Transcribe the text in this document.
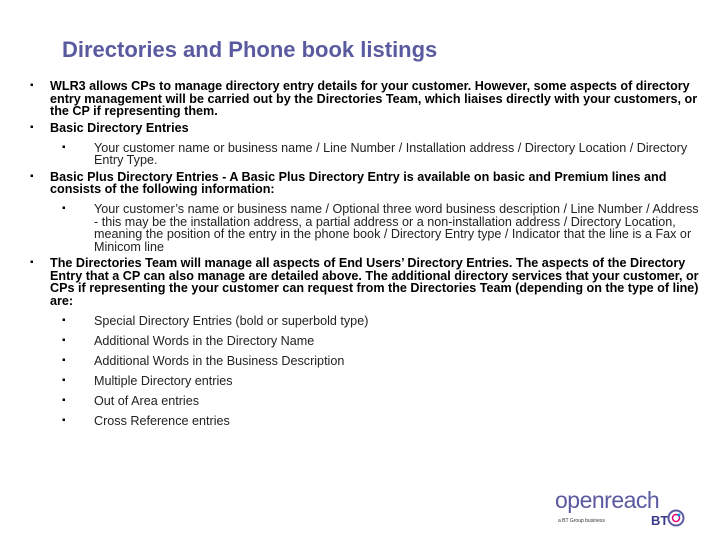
Directories and Phone book listings
▪ WLR3 allows CPs to manage directory entry details for your customer. However, some aspects of directory entry management will be carried out by the Directories Team, which liaises directly with your customers, or the CP if representing them.
▪ Basic Directory Entries
▪ Your customer name or business name / Line Number / Installation address / Directory Location / Directory Entry Type.
▪ Basic Plus Directory Entries - A Basic Plus Directory Entry is available on basic and Premium lines and consists of the following information:
▪ Your customer’s name or business name / Optional three word business description / Line Number / Address - this may be the installation address, a partial address or a non-installation address / Directory Location, meaning the position of the entry in the phone book / Directory Entry type / Indicator that the line is a Fax or Minicom line
▪ The Directories Team will manage all aspects of End Users’ Directory Entries. The aspects of the Directory Entry that a CP can also manage are detailed above. The additional directory services that your customer, or CPs if representing the your customer can request from the Directories Team (depending on the type of line) are:
▪ Special Directory Entries (bold or superbold type)
▪ Additional Words in the Directory Name
▪ Additional Words in the Business Description
▪ Multiple Directory entries
▪ Out of Area entries
▪ Cross Reference entries
openreach
a BT Group business	BT
